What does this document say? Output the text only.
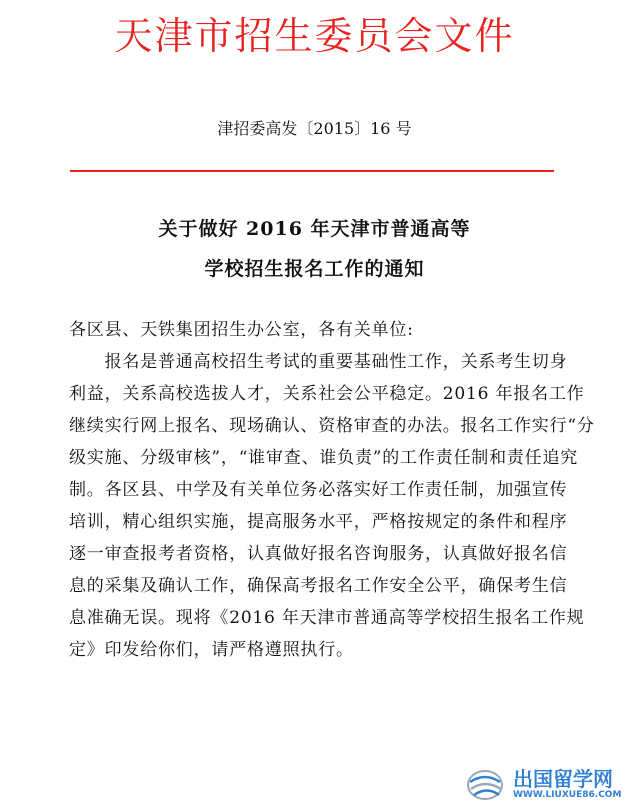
天津市招生委员会文件
津招委高发〔2015〕16 号
关于做好 2016 年天津市普通高等
学校招生报名工作的通知
各区县、天铁集团招生办公室，各有关单位:
　　报名是普通高校招生考试的重要基础性工作，关系考生切身
利益，关系高校选拔人才，关系社会公平稳定。2016 年报名工作
继续实行网上报名、现场确认、资格审查的办法。报名工作实行“分
级实施、分级审核”，“谁审查、谁负责”的工作责任制和责任追究
制。各区县、中学及有关单位务必落实好工作责任制，加强宣传
培训，精心组织实施，提高服务水平，严格按规定的条件和程序
逐一审查报考者资格，认真做好报名咨询服务，认真做好报名信
息的采集及确认工作，确保高考报名工作安全公平，确保考生信
息准确无误。现将《2016 年天津市普通高等学校招生报名工作规
定》印发给你们，请严格遵照执行。
出国留学网
WWW.LIUXUE86.COM
